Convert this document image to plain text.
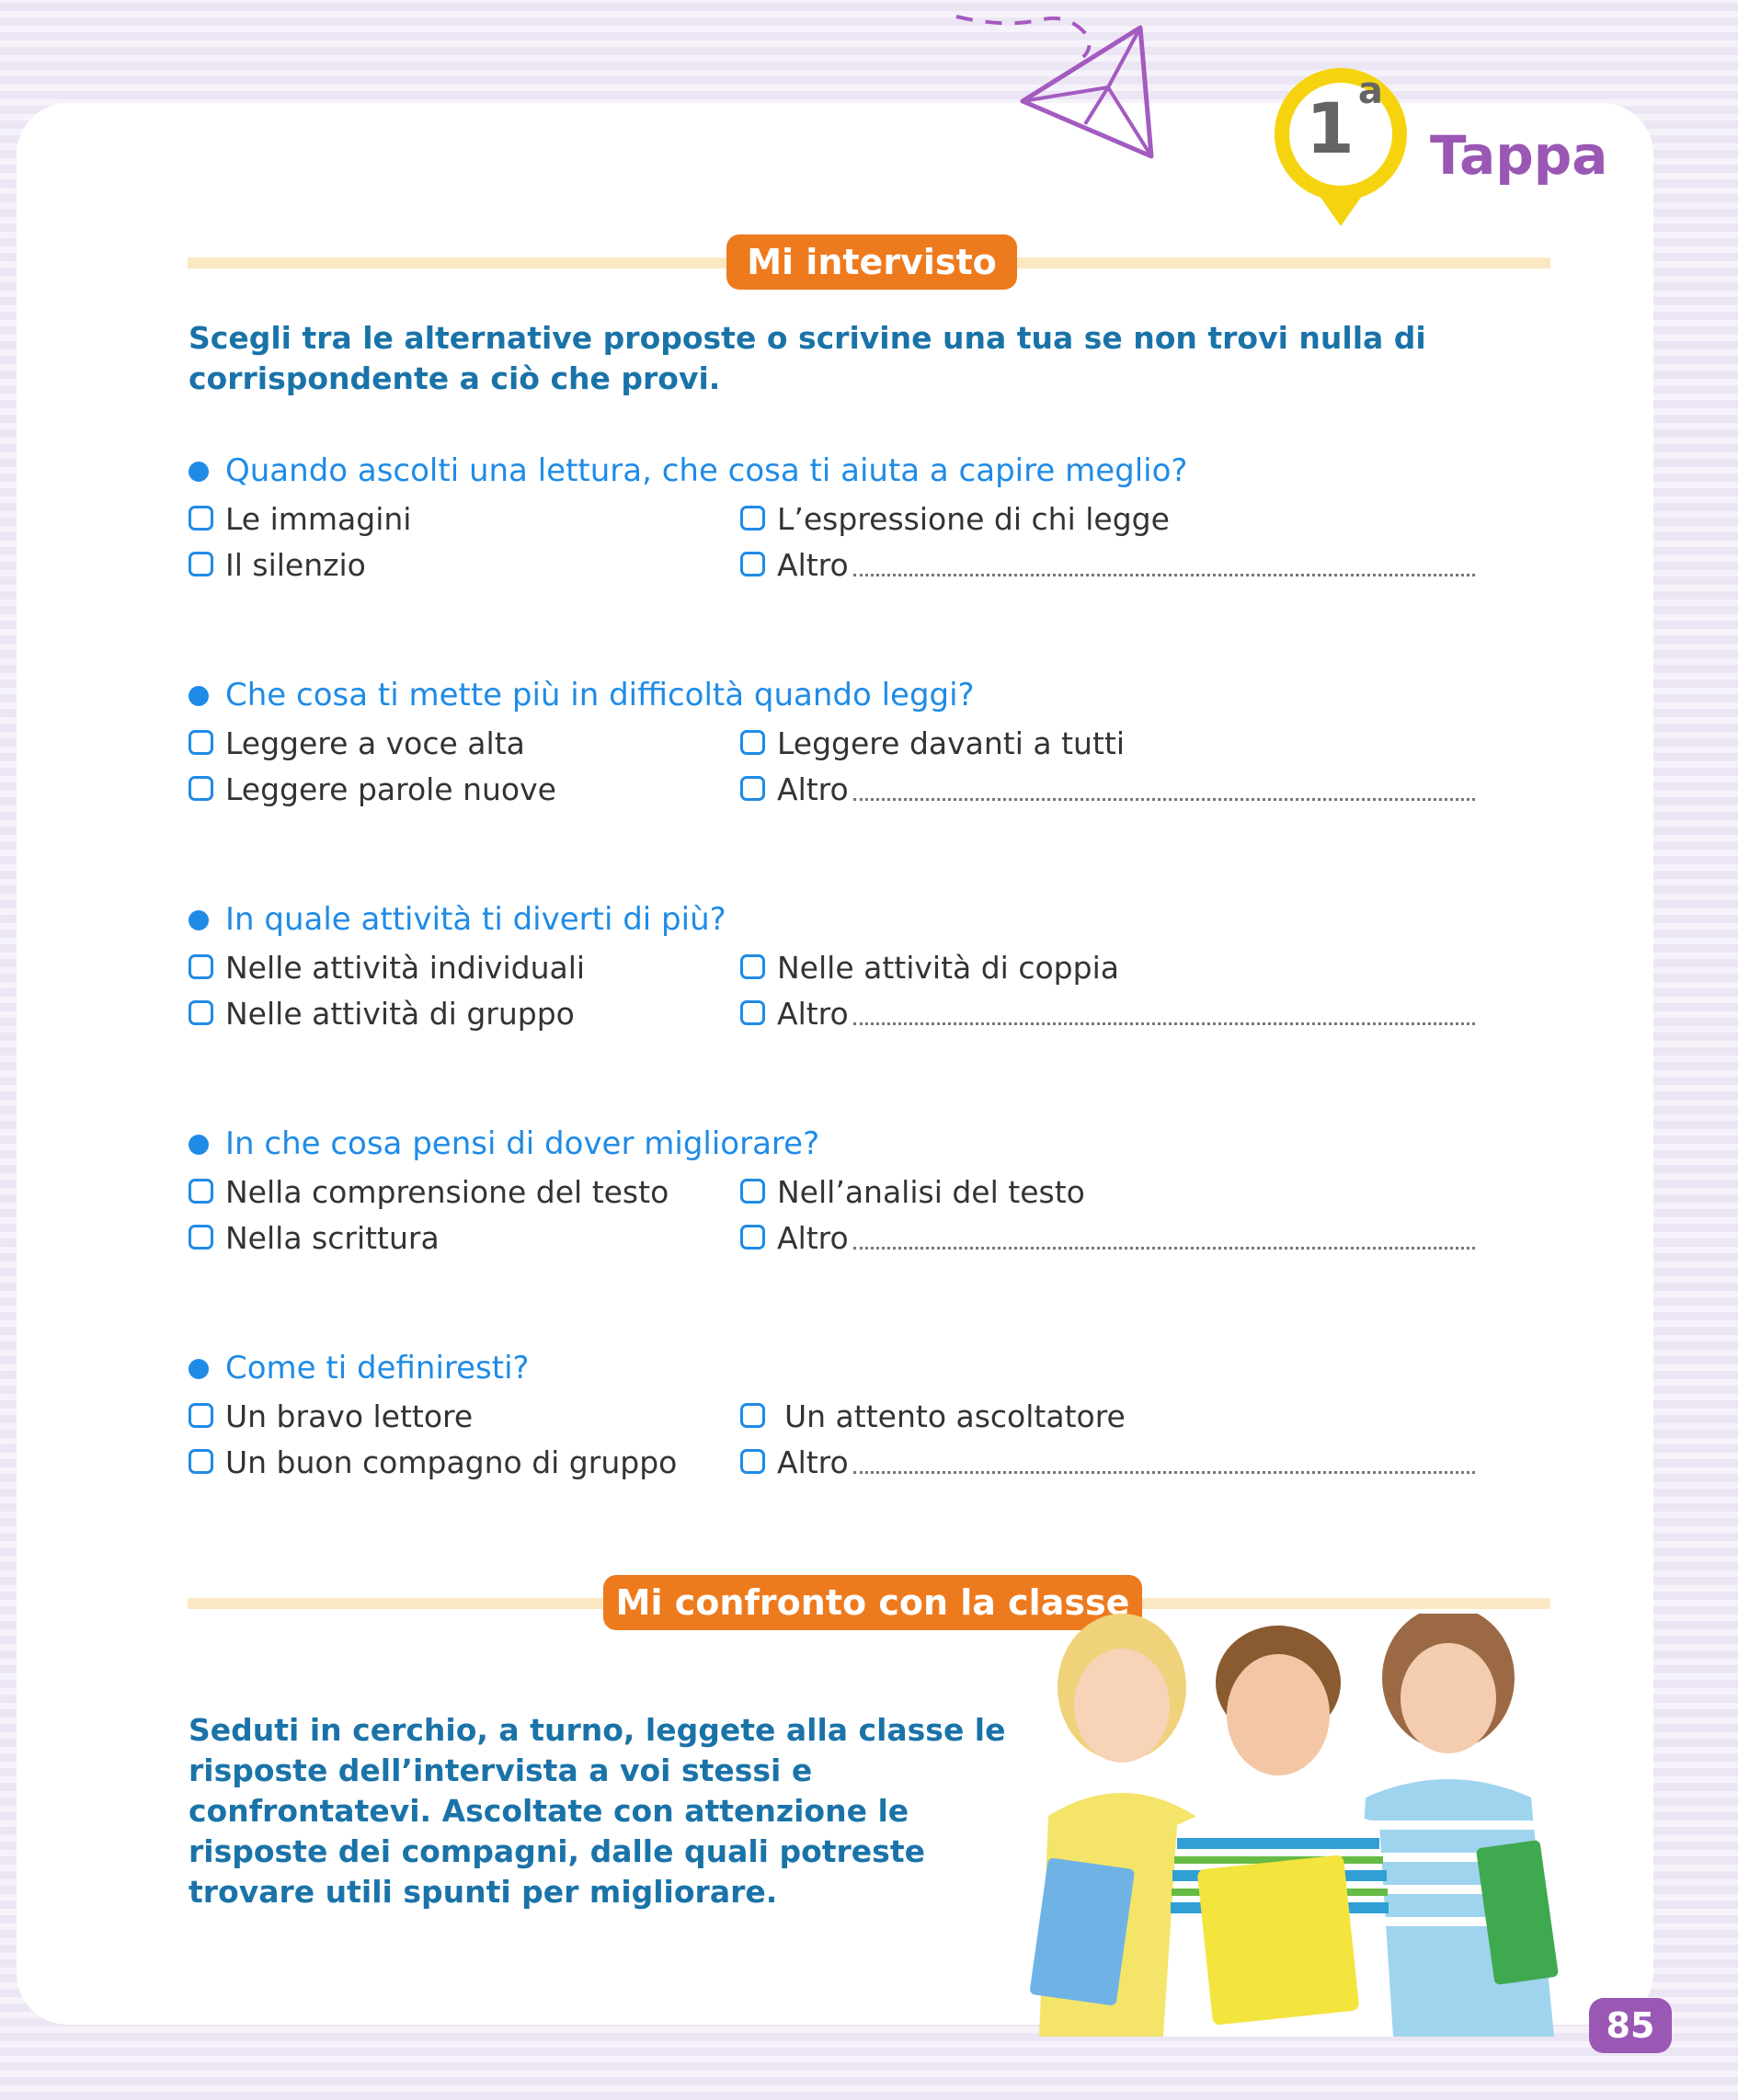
1 $^a$
Tappa
Mi intervisto

Scegli tra le alternative proposte o scrivine una tua se non trovi nulla di corrispondente a ciò che provi.

Quando ascolti una lettura, che cosa ti aiuta a capire meglio?
Le immagini	L’espressione di chi legge
Il silenzio	Altro
Che cosa ti mette più in difficoltà quando leggi?
Leggere a voce alta	Leggere davanti a tutti
Leggere parole nuove	Altro
In quale attività ti diverti di più?
Nelle attività individuali	Nelle attività di coppia
Nelle attività di gruppo	Altro
In che cosa pensi di dover migliorare?
Nella comprensione del testo	Nell’analisi del testo
Nella scrittura	Altro
Come ti definiresti?
Un bravo lettore	Un attento ascoltatore
Un buon compagno di gruppo	Altro
Mi confronto con la classe

Seduti in cerchio, a turno, leggete alla classe le risposte dell’intervista a voi stessi e confrontatevi. Ascoltate con attenzione le risposte dei compagni, dalle quali potreste trovare utili spunti per migliorare.

85
